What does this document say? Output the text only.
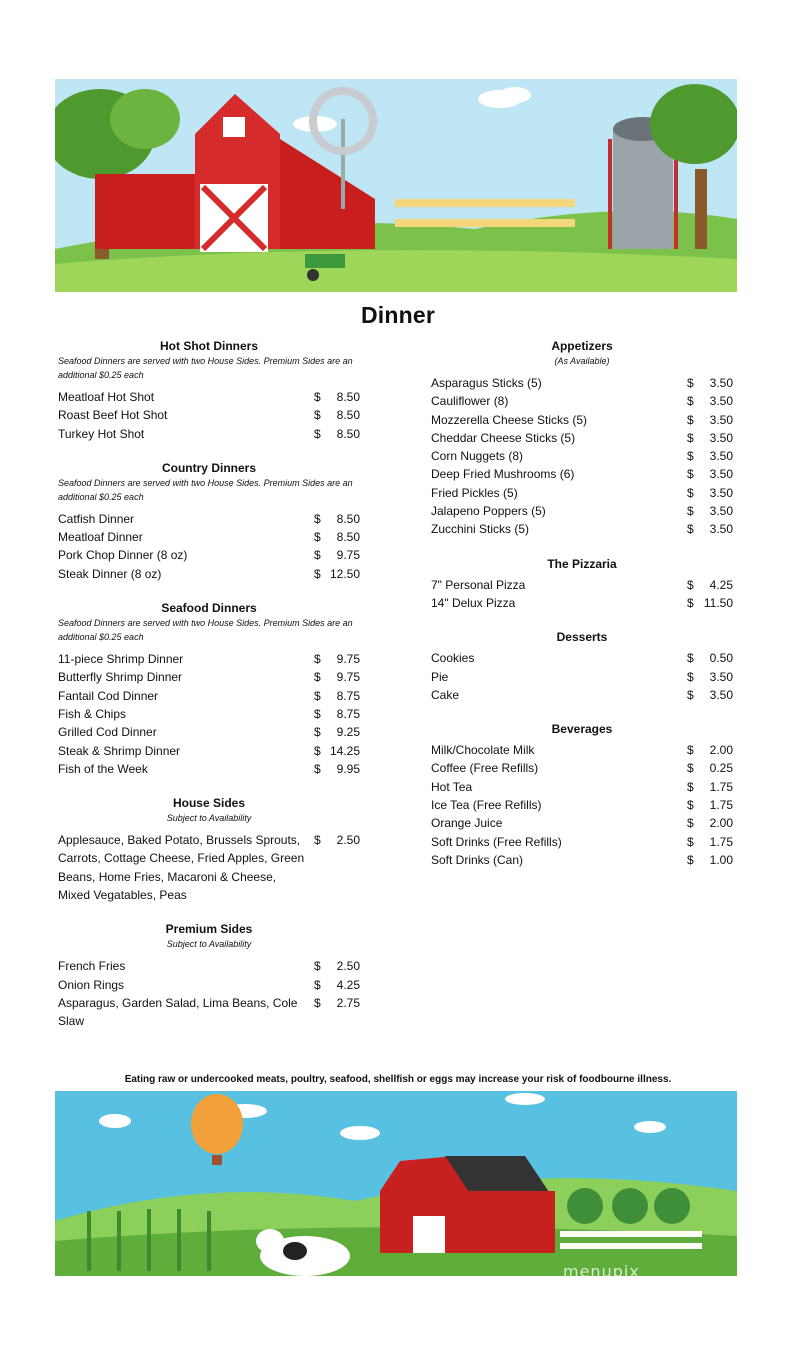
Dinner
Hot Shot Dinners
Seafood Dinners are served with two House Sides. Premium Sides are an additional $0.25 each
Meatloaf Hot Shot	$ 8.50
Roast Beef Hot Shot	$ 8.50
Turkey Hot Shot	$ 8.50
Country Dinners
Seafood Dinners are served with two House Sides. Premium Sides are an additional $0.25 each
Catfish Dinner	$ 8.50
Meatloaf Dinner	$ 8.50
Pork Chop Dinner (8 oz)	$ 9.75
Steak Dinner (8 oz)	$ 12.50
Seafood Dinners
Seafood Dinners are served with two House Sides. Premium Sides are an additional $0.25 each
11-piece Shrimp Dinner	$ 9.75
Butterfly Shrimp Dinner	$ 9.75
Fantail Cod Dinner	$ 8.75
Fish & Chips	$ 8.75
Grilled Cod Dinner	$ 9.25
Steak & Shrimp Dinner	$ 14.25
Fish of the Week	$ 9.95
House Sides
Subject to Availability
Applesauce, Baked Potato, Brussels Sprouts, Carrots, Cottage Cheese, Fried Apples, Green Beans, Home Fries, Macaroni & Cheese, Mixed Vegatables, Peas
$ 2.50
Premium Sides
Subject to Availability
French Fries	$ 2.50
Onion Rings	$ 4.25
Asparagus, Garden Salad, Lima Beans, Cole Slaw
$ 2.75
Appetizers
(As Available)
Asparagus Sticks (5)	$ 3.50
Cauliflower (8)	$ 3.50
Mozzerella Cheese Sticks (5)	$ 3.50
Cheddar Cheese Sticks (5)	$ 3.50
Corn Nuggets (8)	$ 3.50
Deep Fried Mushrooms (6)	$ 3.50
Fried Pickles (5)	$ 3.50
Jalapeno Poppers (5)	$ 3.50
Zucchini Sticks (5)	$ 3.50
The Pizzaria
7" Personal Pizza	$ 4.25
14" Delux Pizza	$ 11.50
Desserts
Cookies	$ 0.50
Pie	$ 3.50
Cake	$ 3.50
Beverages
Milk/Chocolate Milk	$ 2.00
Coffee (Free Refills)	$ 0.25
Hot Tea	$ 1.75
Ice Tea (Free Refills)	$ 1.75
Orange Juice	$ 2.00
Soft Drinks (Free Refills)	$ 1.75
Soft Drinks (Can)	$ 1.00
Eating raw or undercooked meats, poultry, seafood, shellfish or eggs may increase your risk of foodbourne illness.
menupix
